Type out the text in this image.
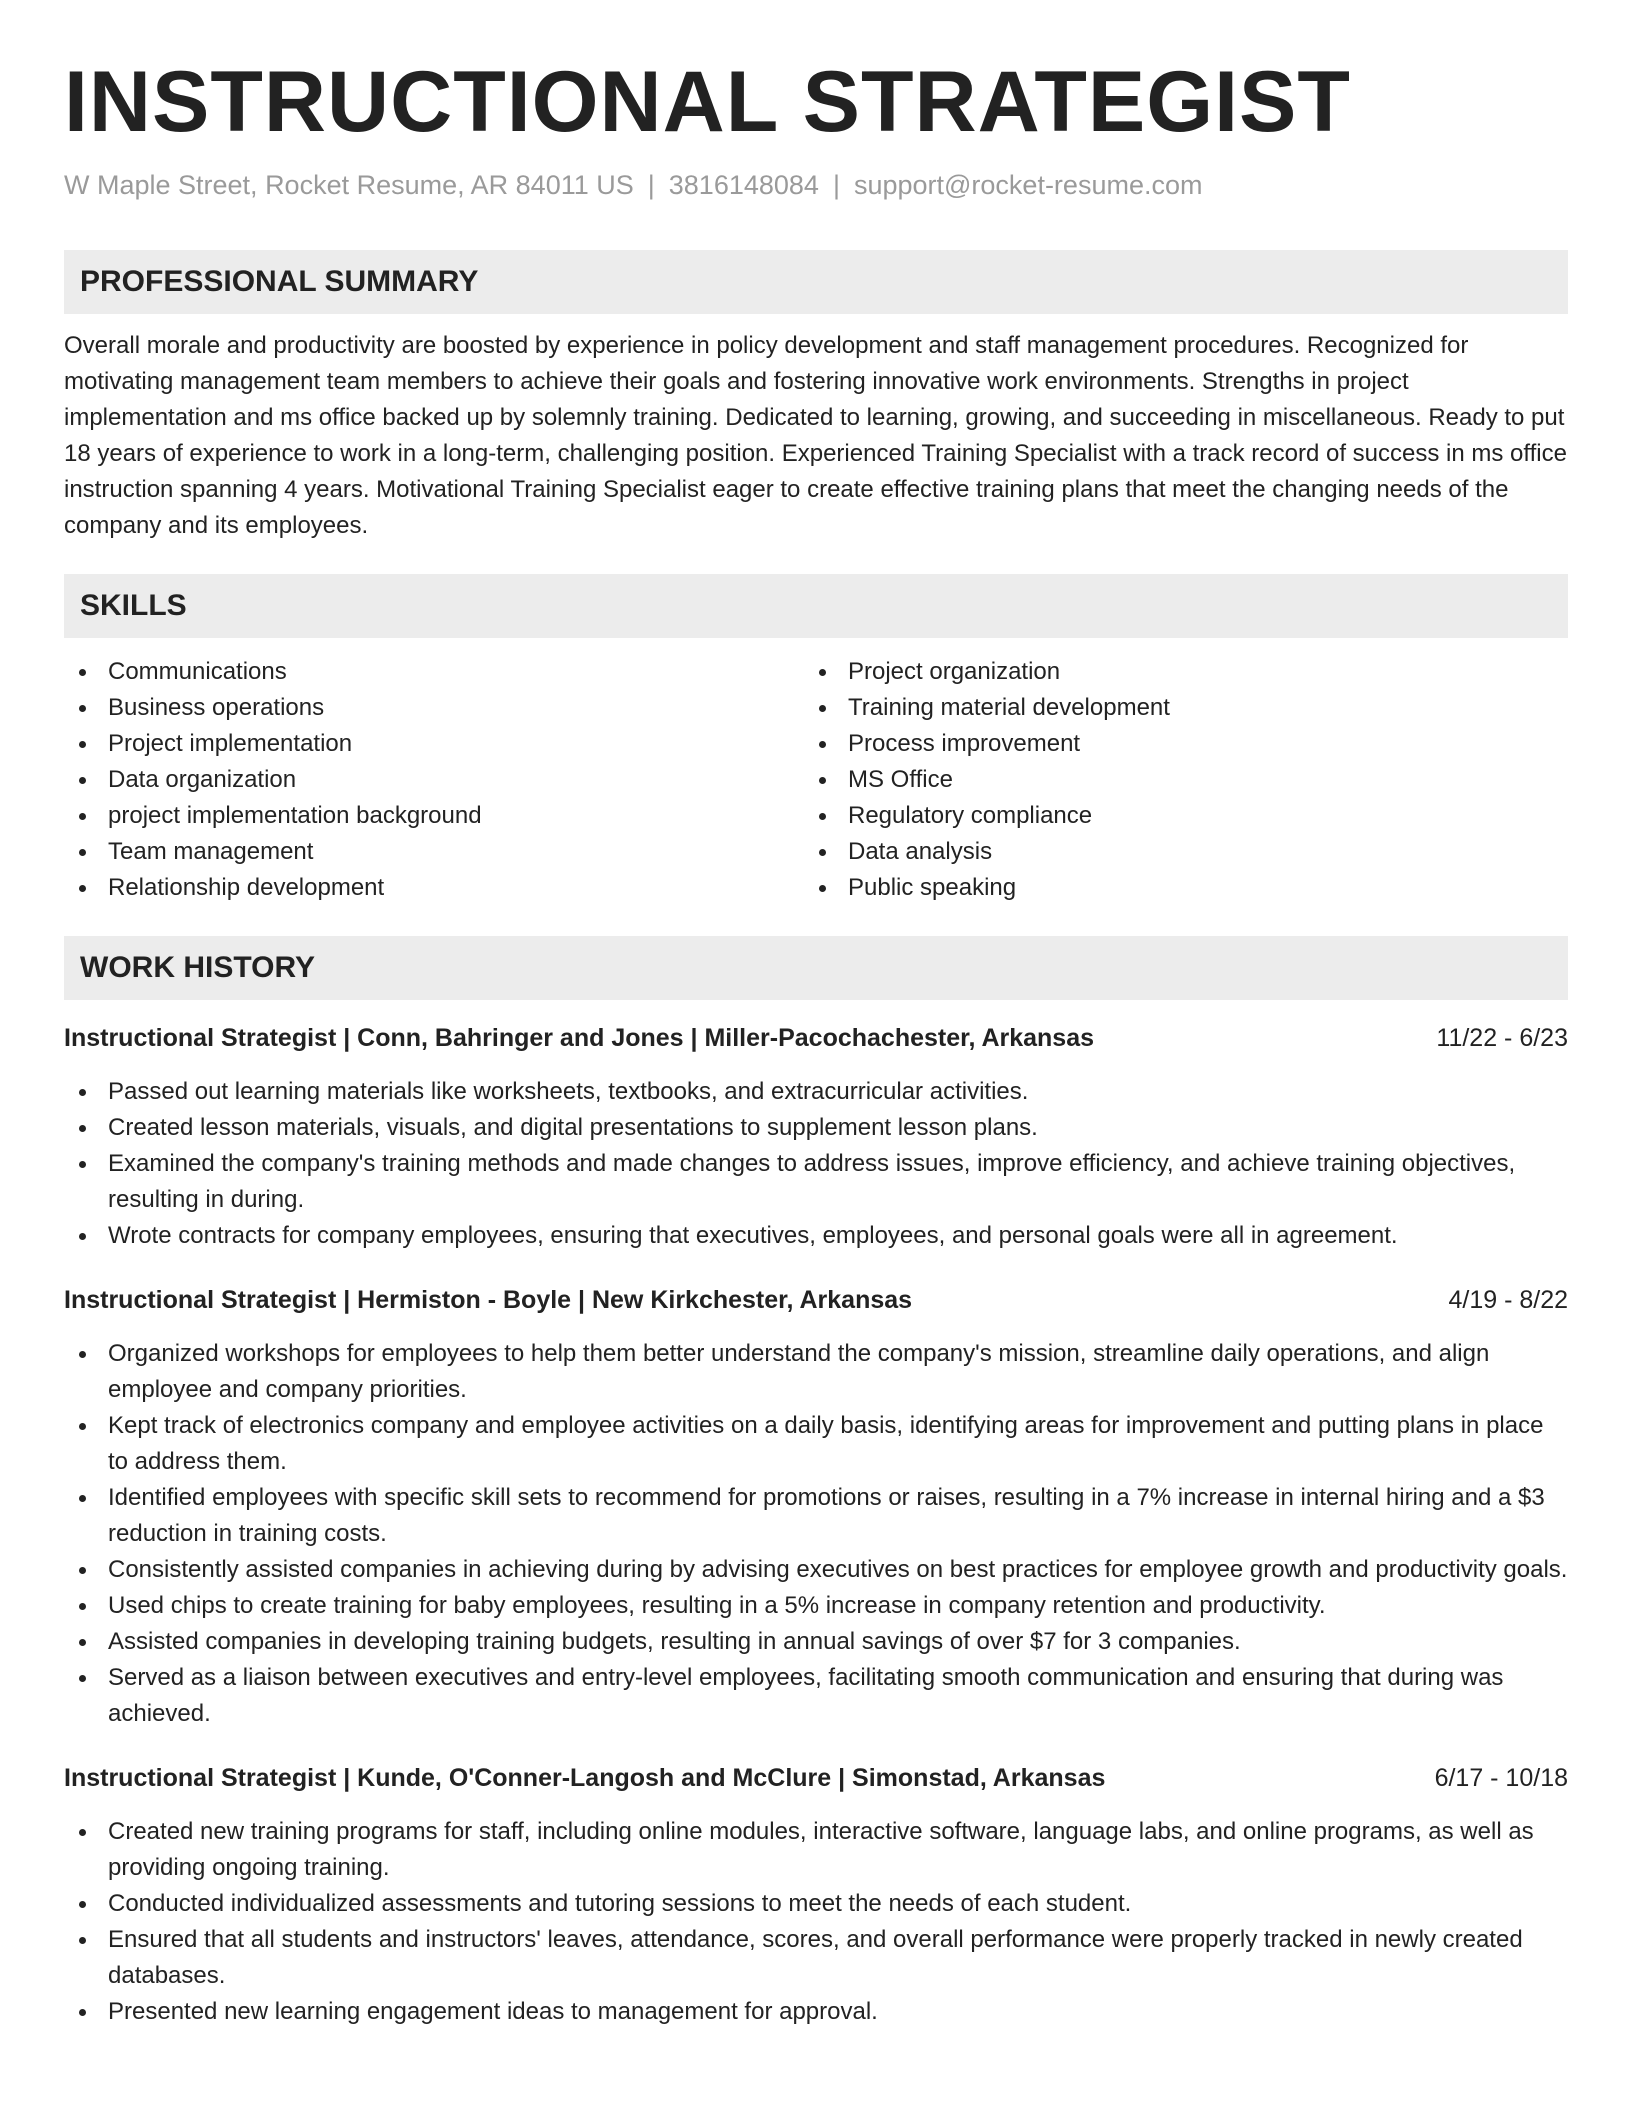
INSTRUCTIONAL STRATEGIST
W Maple Street, Rocket Resume, AR 84011 US | 3816148084 | support@rocket-resume.com
PROFESSIONAL SUMMARY
Overall morale and productivity are boosted by experience in policy development and staff management procedures. Recognized for motivating management team members to achieve their goals and fostering innovative work environments. Strengths in project implementation and ms office backed up by solemnly training. Dedicated to learning, growing, and succeeding in miscellaneous. Ready to put 18 years of experience to work in a long-term, challenging position. Experienced Training Specialist with a track record of success in ms office instruction spanning 4 years. Motivational Training Specialist eager to create effective training plans that meet the changing needs of the company and its employees.
SKILLS
Communications
Business operations
Project implementation
Data organization
project implementation background
Team management
Relationship development
Project organization
Training material development
Process improvement
MS Office
Regulatory compliance
Data analysis
Public speaking
WORK HISTORY
Instructional Strategist | Conn, Bahringer and Jones | Miller-Pacochachester, Arkansas	11/22 - 6/23
Passed out learning materials like worksheets, textbooks, and extracurricular activities.
Created lesson materials, visuals, and digital presentations to supplement lesson plans.
Examined the company's training methods and made changes to address issues, improve efficiency, and achieve training objectives, resulting in during.
Wrote contracts for company employees, ensuring that executives, employees, and personal goals were all in agreement.
Instructional Strategist | Hermiston - Boyle | New Kirkchester, Arkansas	4/19 - 8/22
Organized workshops for employees to help them better understand the company's mission, streamline daily operations, and align employee and company priorities.
Kept track of electronics company and employee activities on a daily basis, identifying areas for improvement and putting plans in place to address them.
Identified employees with specific skill sets to recommend for promotions or raises, resulting in a 7% increase in internal hiring and a $3 reduction in training costs.
Consistently assisted companies in achieving during by advising executives on best practices for employee growth and productivity goals.
Used chips to create training for baby employees, resulting in a 5% increase in company retention and productivity.
Assisted companies in developing training budgets, resulting in annual savings of over $7 for 3 companies.
Served as a liaison between executives and entry-level employees, facilitating smooth communication and ensuring that during was achieved.
Instructional Strategist | Kunde, O'Conner-Langosh and McClure | Simonstad, Arkansas	6/17 - 10/18
Created new training programs for staff, including online modules, interactive software, language labs, and online programs, as well as providing ongoing training.
Conducted individualized assessments and tutoring sessions to meet the needs of each student.
Ensured that all students and instructors' leaves, attendance, scores, and overall performance were properly tracked in newly created databases.
Presented new learning engagement ideas to management for approval.
